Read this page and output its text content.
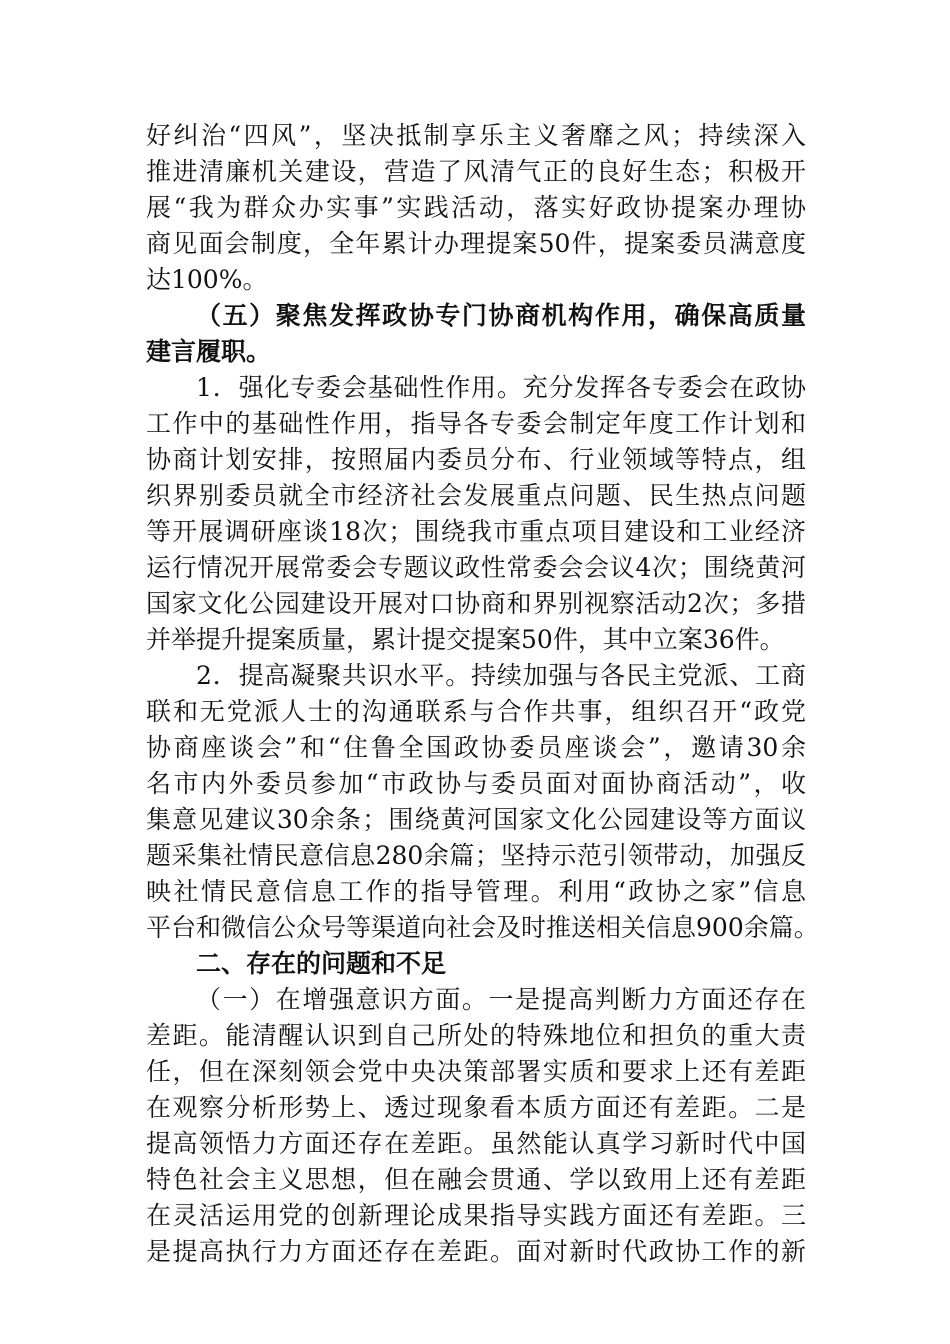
好纠治“四风”，坚决抵制享乐主义奢靡之风；持续深入
推进清廉机关建设，营造了风清气正的良好生态；积极开
展“我为群众办实事”实践活动，落实好政协提案办理协
商见面会制度，全年累计办理提案50件，提案委员满意度
达100%。
（五）聚焦发挥政协专门协商机构作用，确保高质量
建言履职。
1．强化专委会基础性作用。充分发挥各专委会在政协
工作中的基础性作用，指导各专委会制定年度工作计划和
协商计划安排，按照届内委员分布、行业领域等特点，组
织界别委员就全市经济社会发展重点问题、民生热点问题
等开展调研座谈18次；围绕我市重点项目建设和工业经济
运行情况开展常委会专题议政性常委会会议4次；围绕黄河
国家文化公园建设开展对口协商和界别视察活动2次；多措
并举提升提案质量，累计提交提案50件，其中立案36件。
2．提高凝聚共识水平。持续加强与各民主党派、工商
联和无党派人士的沟通联系与合作共事，组织召开“政党
协商座谈会”和“住鲁全国政协委员座谈会”，邀请30余
名市内外委员参加“市政协与委员面对面协商活动”，收
集意见建议30余条；围绕黄河国家文化公园建设等方面议
题采集社情民意信息280余篇；坚持示范引领带动，加强反
映社情民意信息工作的指导管理。利用“政协之家”信息
平台和微信公众号等渠道向社会及时推送相关信息900余篇。
二、存在的问题和不足
（一）在增强意识方面。一是提高判断力方面还存在
差距。能清醒认识到自己所处的特殊地位和担负的重大责
任，但在深刻领会党中央决策部署实质和要求上还有差距
在观察分析形势上、透过现象看本质方面还有差距。二是
提高领悟力方面还存在差距。虽然能认真学习新时代中国
特色社会主义思想，但在融会贯通、学以致用上还有差距
在灵活运用党的创新理论成果指导实践方面还有差距。三
是提高执行力方面还存在差距。面对新时代政协工作的新
